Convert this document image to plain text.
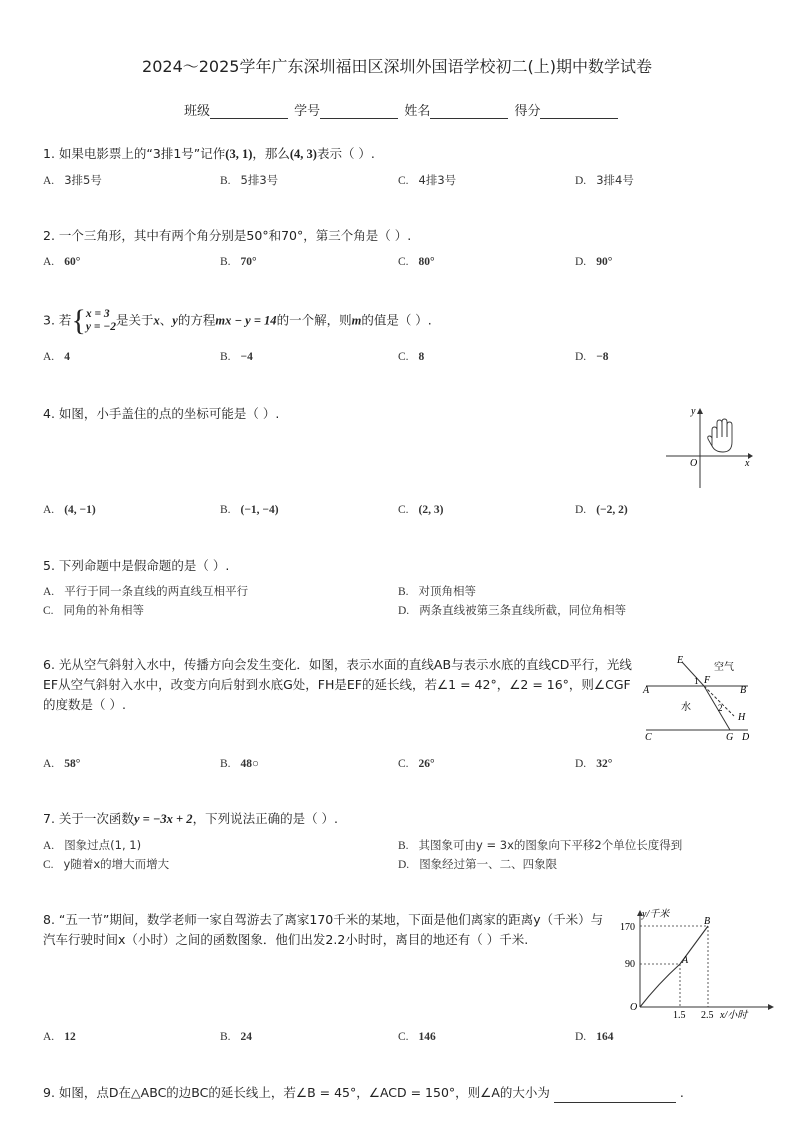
2024～2025学年广东深圳福田区深圳外国语学校初二(上)期中数学试卷
班级	学号	姓名	得分
1. 如果电影票上的“3排1号”记作(3, 1)，那么(4, 3)表示（ ）.
A. 3排5号	B. 5排3号	C. 4排3号	D. 3排4号
2. 一个三角形，其中有两个角分别是50°和70°，第三个角是（ ）.
A. 60°	B. 70°	C. 80°	D. 90°
3. 若{x = 3
y = −2是关于x、y的方程mx − y = 14的一个解，则m的值是（ ）.
A. 4	B. −4	C. 8	D. −8
4. 如图，小手盖住的点的坐标可能是（ ）.	y
x
O
A. (4, −1)	B. (−1, −4)	C. (2, 3)	D. (−2, 2)
5. 下列命题中是假命题的是（ ）.
A. 平行于同一条直线的两直线互相平行	B. 对顶角相等
C. 同角的补角相等	D. 两条直线被第三条直线所截，同位角相等
6. 光从空气斜射入水中，传播方向会发生变化．如图，表示水面的直线AB与表示水底的直线CD平行，光线
EF从空气斜射入水中，改变方向后射到水底G处，FH是EF的延长线，若∠1 = 42°，∠2 = 16°，则∠CGF
的度数是（ ）.
E
F
空气
A	B
1
水	2
H
C	G D
A. 58°	B. 48○	C. 26°	D. 32°
7. 关于一次函数y = −3x + 2，下列说法正确的是（ ）.
A. 图象过点(1, 1)	B. 其图象可由y = 3x的图象向下平移2个单位长度得到
C. y随着x的增大而增大	D. 图象经过第一、二、四象限
8. “五一节”期间，数学老师一家自驾游去了离家170千米的某地，下面是他们离家的距离y（千米）与
汽车行驶时间x（小时）之间的函数图象．他们出发2.2小时时，离目的地还有（ ）千米.
y/千米
170
90
O
1.5 2.5 x/小时
A
B
A. 12	B. 24	C. 146	D. 164
9. 如图，点D在△ABC的边BC的延长线上，若∠B = 45°，∠ACD = 150°，则∠A的大小为	.
